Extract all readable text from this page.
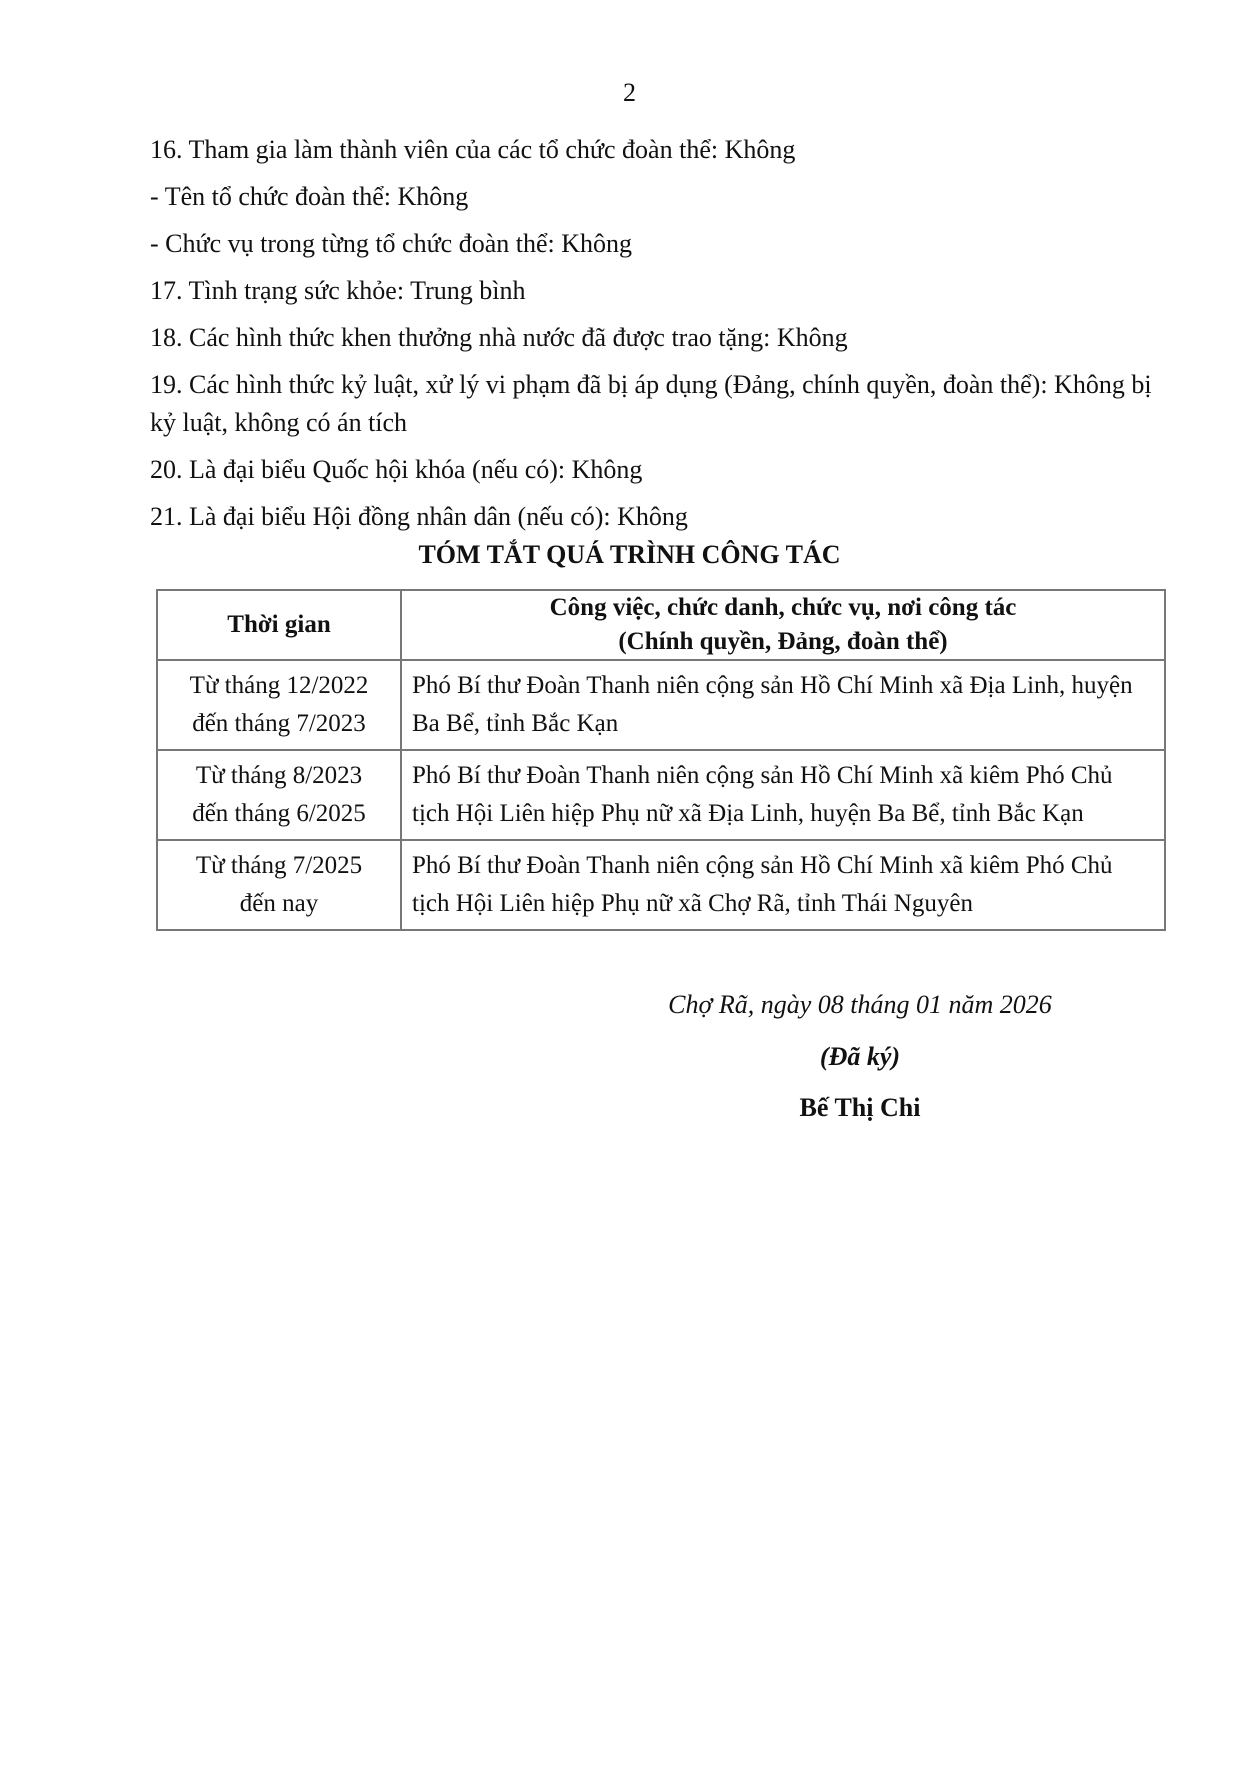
2
16. Tham gia làm thành viên của các tổ chức đoàn thể: Không
- Tên tổ chức đoàn thể: Không
- Chức vụ trong từng tổ chức đoàn thể: Không
17. Tình trạng sức khỏe: Trung bình
18. Các hình thức khen thưởng nhà nước đã được trao tặng: Không
19. Các hình thức kỷ luật, xử lý vi phạm đã bị áp dụng (Đảng, chính quyền, đoàn thể): Không bị kỷ luật, không có án tích
20. Là đại biểu Quốc hội khóa (nếu có): Không
21. Là đại biểu Hội đồng nhân dân (nếu có): Không
TÓM TẮT QUÁ TRÌNH CÔNG TÁC
Thời gian	Công việc, chức danh, chức vụ, nơi công tác
(Chính quyền, Đảng, đoàn thể)

Từ tháng 12/2022
đến tháng 7/2023	Phó Bí thư Đoàn Thanh niên cộng sản Hồ Chí Minh xã Địa Linh, huyện Ba Bể, tỉnh Bắc Kạn

Từ tháng 8/2023
đến tháng 6/2025	Phó Bí thư Đoàn Thanh niên cộng sản Hồ Chí Minh xã kiêm Phó Chủ tịch Hội Liên hiệp Phụ nữ xã Địa Linh, huyện Ba Bể, tỉnh Bắc Kạn

Từ tháng 7/2025
đến nay	Phó Bí thư Đoàn Thanh niên cộng sản Hồ Chí Minh xã kiêm Phó Chủ tịch Hội Liên hiệp Phụ nữ xã Chợ Rã, tỉnh Thái Nguyên
Chợ Rã, ngày 08 tháng 01 năm 2026
(Đã ký)
Bế Thị Chi
